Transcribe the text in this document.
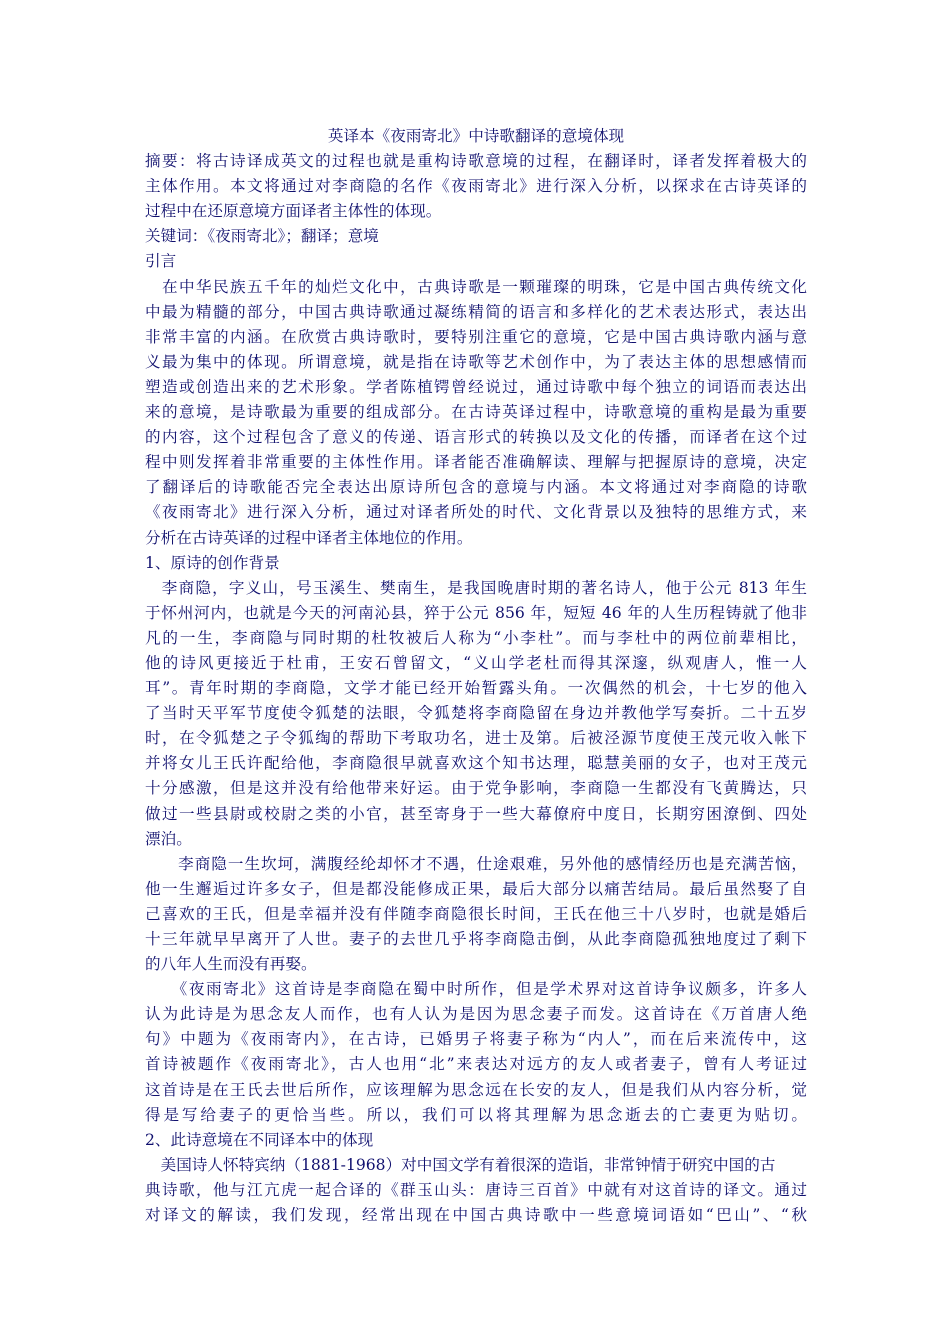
英译本《夜雨寄北》中诗歌翻译的意境体现
摘要：将古诗译成英文的过程也就是重构诗歌意境的过程，在翻译时，译者发挥着极大的
主体作用。本文将通过对李商隐的名作《夜雨寄北》进行深入分析，以探求在古诗英译的
过程中在还原意境方面译者主体性的体现。
关键词：《夜雨寄北》；翻译；意境
引言
　在中华民族五千年的灿烂文化中，古典诗歌是一颗璀璨的明珠，它是中国古典传统文化
中最为精髓的部分，中国古典诗歌通过凝练精简的语言和多样化的艺术表达形式，表达出
非常丰富的内涵。在欣赏古典诗歌时，要特别注重它的意境，它是中国古典诗歌内涵与意
义最为集中的体现。所谓意境，就是指在诗歌等艺术创作中，为了表达主体的思想感情而
塑造或创造出来的艺术形象。学者陈植锷曾经说过，通过诗歌中每个独立的词语而表达出
来的意境，是诗歌最为重要的组成部分。在古诗英译过程中，诗歌意境的重构是最为重要
的内容，这个过程包含了意义的传递、语言形式的转换以及文化的传播，而译者在这个过
程中则发挥着非常重要的主体性作用。译者能否准确解读、理解与把握原诗的意境，决定
了翻译后的诗歌能否完全表达出原诗所包含的意境与内涵。本文将通过对李商隐的诗歌
《夜雨寄北》进行深入分析，通过对译者所处的时代、文化背景以及独特的思维方式，来
分析在古诗英译的过程中译者主体地位的作用。
1、原诗的创作背景
　李商隐，字义山，号玉溪生、樊南生，是我国晚唐时期的著名诗人，他于公元 813 年生
于怀州河内，也就是今天的河南沁县，猝于公元 856 年，短短 46 年的人生历程铸就了他非
凡的一生，李商隐与同时期的杜牧被后人称为“小李杜”。而与李杜中的两位前辈相比，
他的诗风更接近于杜甫，王安石曾留文，“义山学老杜而得其深邃，纵观唐人，惟一人
耳”。青年时期的李商隐，文学才能已经开始暂露头角。一次偶然的机会，十七岁的他入
了当时天平军节度使令狐楚的法眼，令狐楚将李商隐留在身边并教他学写奏折。二十五岁
时，在令狐楚之子令狐绹的帮助下考取功名，进士及第。后被泾源节度使王茂元收入帐下
并将女儿王氏许配给他，李商隐很早就喜欢这个知书达理，聪慧美丽的女子，也对王茂元
十分感激，但是这并没有给他带来好运。由于党争影响，李商隐一生都没有飞黄腾达，只
做过一些县尉或校尉之类的小官，甚至寄身于一些大幕僚府中度日，长期穷困潦倒、四处
漂泊。
　　李商隐一生坎坷，满腹经纶却怀才不遇，仕途艰难，另外他的感情经历也是充满苦恼，
他一生邂逅过许多女子，但是都没能修成正果，最后大部分以痛苦结局。最后虽然娶了自
己喜欢的王氏，但是幸福并没有伴随李商隐很长时间，王氏在他三十八岁时，也就是婚后
十三年就早早离开了人世。妻子的去世几乎将李商隐击倒，从此李商隐孤独地度过了剩下
的八年人生而没有再娶。
　　《夜雨寄北》这首诗是李商隐在蜀中时所作，但是学术界对这首诗争议颇多，许多人
认为此诗是为思念友人而作，也有人认为是因为思念妻子而发。这首诗在《万首唐人绝
句》中题为《夜雨寄内》，在古诗，已婚男子将妻子称为“内人”，而在后来流传中，这
首诗被题作《夜雨寄北》，古人也用“北”来表达对远方的友人或者妻子，曾有人考证过
这首诗是在王氏去世后所作，应该理解为思念远在长安的友人，但是我们从内容分析，觉
得是写给妻子的更恰当些。所以，我们可以将其理解为思念逝去的亡妻更为贴切。
2、此诗意境在不同译本中的体现
　美国诗人怀特宾纳（1881-1968）对中国文学有着很深的造诣，非常钟情于研究中国的古
典诗歌，他与江亢虎一起合译的《群玉山头：唐诗三百首》中就有对这首诗的译文。通过
对译文的解读，我们发现，经常出现在中国古典诗歌中一些意境词语如“巴山”、“秋
